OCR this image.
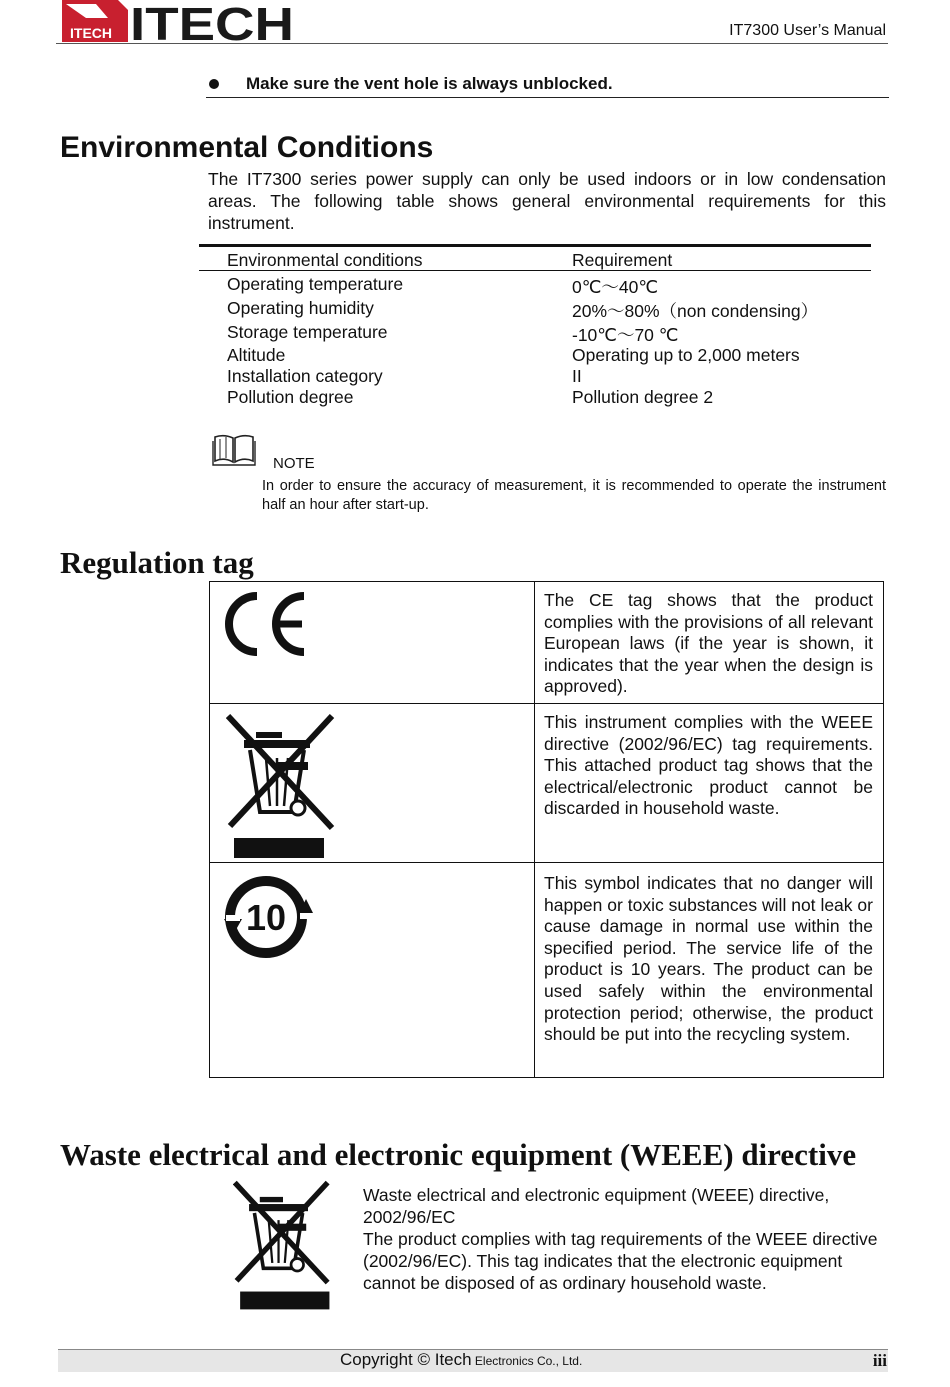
ITECH ITECH	IT7300 User’s Manual
Make sure the vent hole is always unblocked.
Environmental Conditions
The IT7300 series power supply can only be used indoors or in low condensation areas. The following table shows general environmental requirements for this instrument.
Environmental conditions	Requirement
Operating temperature	0℃～40℃
Operating humidity	20%～80%（non condensing）
Storage temperature	-10℃～70 ℃
Altitude	Operating up to 2,000 meters
Installation category	II
Pollution degree	Pollution degree 2
NOTE
In order to ensure the accuracy of measurement, it is recommended to operate the instrument half an hour after start-up.
Regulation tag

The CE tag shows that the product complies with the provisions of all relevant European laws (if the year is shown, it indicates that the year when the design is approved).

This instrument complies with the WEEE directive (2002/96/EC) tag requirements. This attached product tag shows that the electrical/electronic product cannot be discarded in household waste.

10	This symbol indicates that no danger will happen or toxic substances will not leak or cause damage in normal use within the specified period. The service life of the product is 10 years. The product can be used safely within the environmental protection period; otherwise, the product should be put into the recycling system.
Waste electrical and electronic equipment (WEEE) directive
Waste electrical and electronic equipment (WEEE) directive, 2002/96/EC
The product complies with tag requirements of the WEEE directive (2002/96/EC). This tag indicates that the electronic equipment cannot be disposed of as ordinary household waste.
Copyright © Itech Electronics Co., Ltd.	iii
